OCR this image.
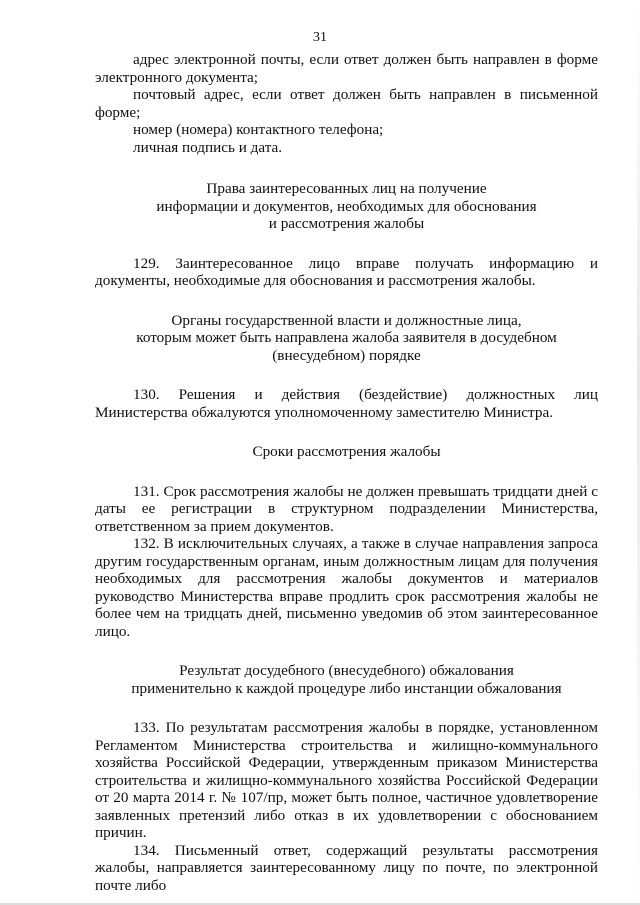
31

адрес электронной почты, если ответ должен быть направлен в форме электронного документа;

почтовый адрес, если ответ должен быть направлен в письменной форме;

номер (номера) контактного телефона;

личная подпись и дата.

Права заинтересованных лиц на получение
информации и документов, необходимых для обоснования
и рассмотрения жалобы

129. Заинтересованное лицо вправе получать информацию и документы, необходимые для обоснования и рассмотрения жалобы.

Органы государственной власти и должностные лица,
которым может быть направлена жалоба заявителя в досудебном
(внесудебном) порядке

130. Решения и действия (бездействие) должностных лиц Министерства обжалуются уполномоченному заместителю Министра.

Сроки рассмотрения жалобы

131. Срок рассмотрения жалобы не должен превышать тридцати дней с даты ее регистрации в структурном подразделении Министерства, ответственном за прием документов.

132. В исключительных случаях, а также в случае направления запроса другим государственным органам, иным должностным лицам для получения необходимых для рассмотрения жалобы документов и материалов руководство Министерства вправе продлить срок рассмотрения жалобы не более чем на тридцать дней, письменно уведомив об этом заинтересованное лицо.

Результат досудебного (внесудебного) обжалования
применительно к каждой процедуре либо инстанции обжалования

133. По результатам рассмотрения жалобы в порядке, установленном Регламентом Министерства строительства и жилищно-коммунального хозяйства Российской Федерации, утвержденным приказом Министерства строительства и жилищно-коммунального хозяйства Российской Федерации от 20 марта 2014 г. № 107/пр, может быть полное, частичное удовлетворение заявленных претензий либо отказ в их удовлетворении с обоснованием причин.

134. Письменный ответ, содержащий результаты рассмотрения жалобы, направляется заинтересованному лицу по почте, по электронной почте либо
